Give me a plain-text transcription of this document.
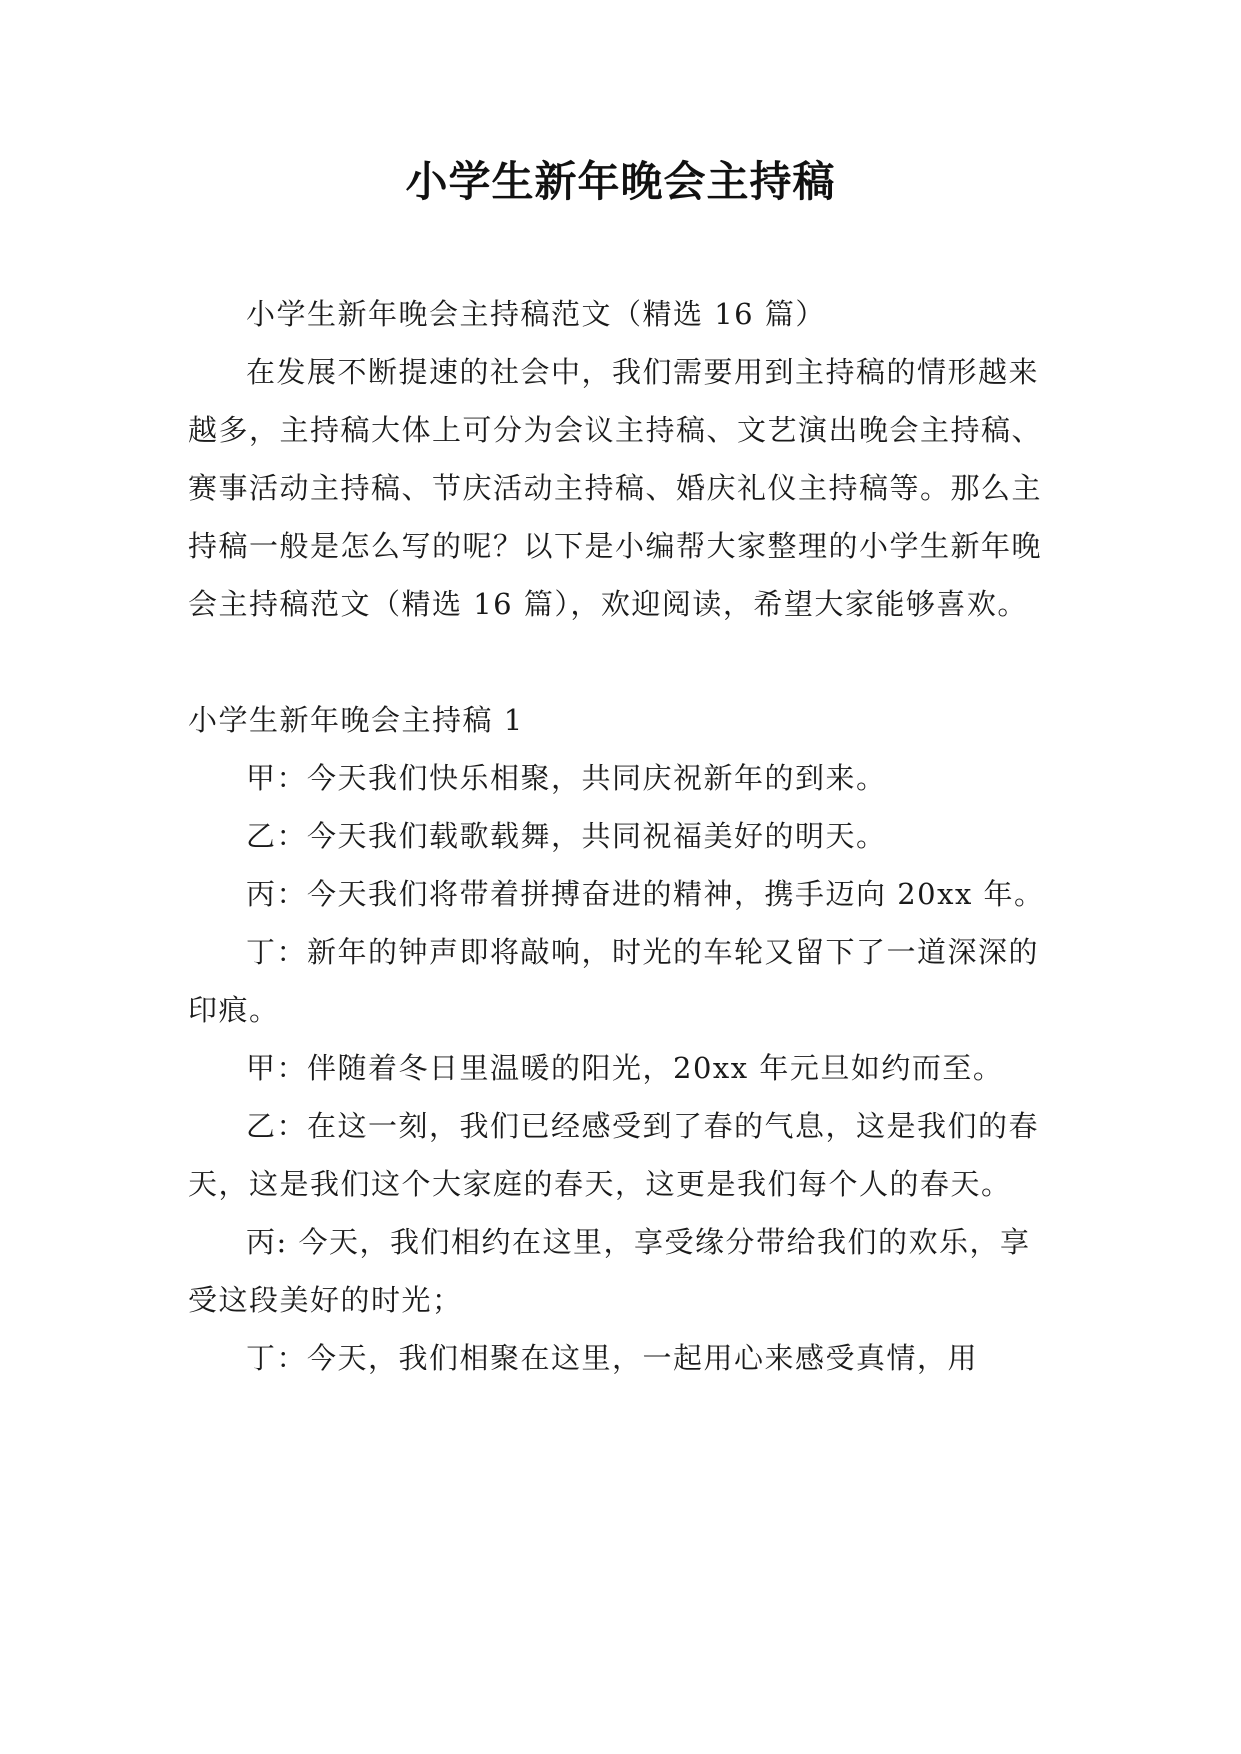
小学生新年晚会主持稿

小学生新年晚会主持稿范文（精选 16 篇）

在发展不断提速的社会中，我们需要用到主持稿的情形越来越多，主持稿大体上可分为会议主持稿、文艺演出晚会主持稿、赛事活动主持稿、节庆活动主持稿、婚庆礼仪主持稿等。那么主持稿一般是怎么写的呢？以下是小编帮大家整理的小学生新年晚会主持稿范文（精选 16 篇），欢迎阅读，希望大家能够喜欢。

小学生新年晚会主持稿 1

甲：今天我们快乐相聚，共同庆祝新年的到来。

乙：今天我们载歌载舞，共同祝福美好的明天。

丙：今天我们将带着拼搏奋进的精神，携手迈向 20xx 年。

丁：新年的钟声即将敲响，时光的车轮又留下了一道深深的印痕。

甲：伴随着冬日里温暖的阳光，20xx 年元旦如约而至。

乙：在这一刻，我们已经感受到了春的气息，这是我们的春天，这是我们这个大家庭的春天，这更是我们每个人的春天。

丙: 今天，我们相约在这里，享受缘分带给我们的欢乐，享受这段美好的时光；

丁：今天，我们相聚在这里，一起用心来感受真情，用
